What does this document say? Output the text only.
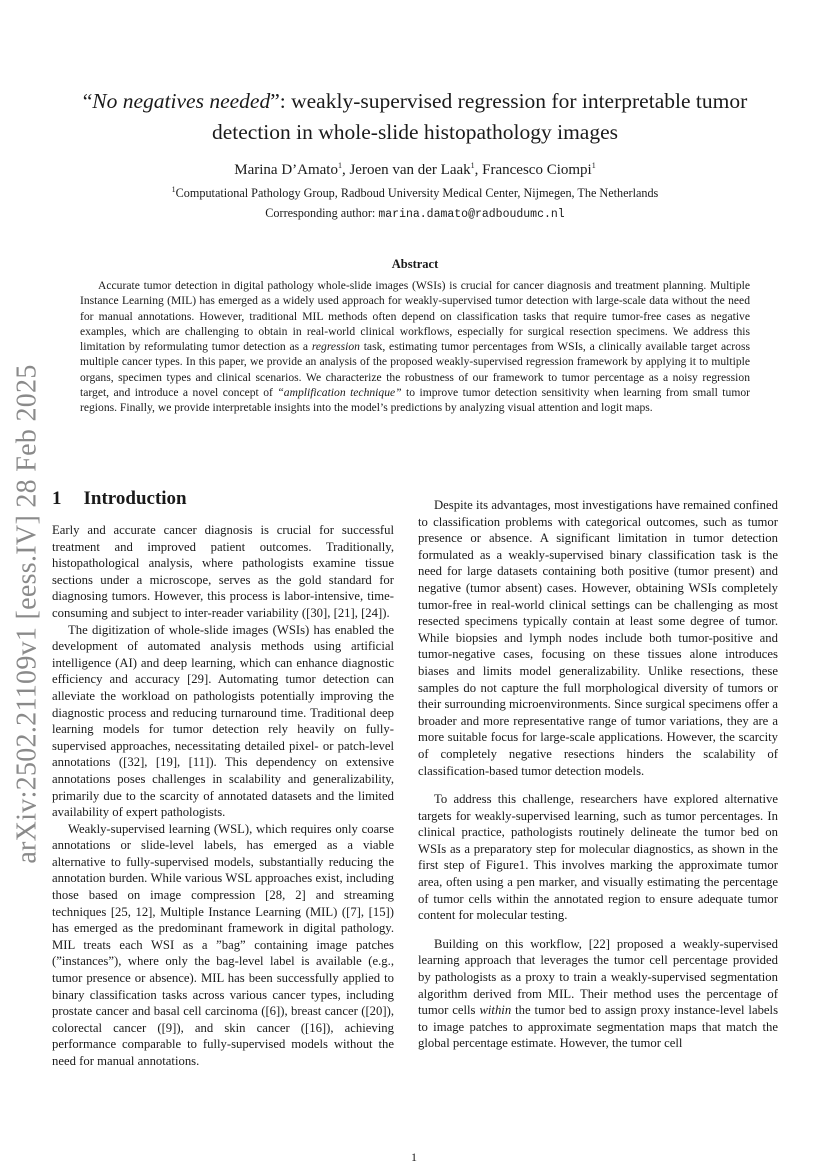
arXiv:2502.21109v1 [eess.IV] 28 Feb 2025
“No negatives needed”: weakly-supervised regression for interpretable tumor detection in whole-slide histopathology images
Marina D’Amato$^1$, Jeroen van der Laak$^1$, Francesco Ciompi$^1$
$^1$Computational Pathology Group, Radboud University Medical Center, Nijmegen, The Netherlands
Corresponding author: marina.damato@radboudumc.nl
Abstract

Accurate tumor detection in digital pathology whole-slide images (WSIs) is crucial for cancer diagnosis and treatment planning. Multiple Instance Learning (MIL) has emerged as a widely used approach for weakly-supervised tumor detection with large-scale data without the need for manual annotations. However, traditional MIL methods often depend on classification tasks that require tumor-free cases as negative examples, which are challenging to obtain in real-world clinical workflows, especially for surgical resection specimens. We address this limitation by reformulating tumor detection as a regression task, estimating tumor percentages from WSIs, a clinically available target across multiple cancer types. In this paper, we provide an analysis of the proposed weakly-supervised regression framework by applying it to multiple organs, specimen types and clinical scenarios. We characterize the robustness of our framework to tumor percentage as a noisy regression target, and introduce a novel concept of “amplification technique” to improve tumor detection sensitivity when learning from small tumor regions. Finally, we provide interpretable insights into the model’s predictions by analyzing visual attention and logit maps.

1 Introduction

Early and accurate cancer diagnosis is crucial for successful treatment and improved patient outcomes. Traditionally, histopathological analysis, where pathologists examine tissue sections under a microscope, serves as the gold standard for diagnosing tumors. However, this process is labor-intensive, time-consuming and subject to inter-reader variability ([30], [21], [24]).

The digitization of whole-slide images (WSIs) has enabled the development of automated analysis methods using artificial intelligence (AI) and deep learning, which can enhance diagnostic efficiency and accuracy [29]. Automating tumor detection can alleviate the workload on pathologists potentially improving the diagnostic process and reducing turnaround time. Traditional deep learning models for tumor detection rely heavily on fully-supervised approaches, necessitating detailed pixel- or patch-level annotations ([32], [19], [11]). This dependency on extensive annotations poses challenges in scalability and generalizability, primarily due to the scarcity of annotated datasets and the limited availability of expert pathologists.

Weakly-supervised learning (WSL), which requires only coarse annotations or slide-level labels, has emerged as a viable alternative to fully-supervised models, substantially reducing the annotation burden. While various WSL approaches exist, including those based on image compression [28, 2] and streaming techniques [25, 12], Multiple Instance Learning (MIL) ([7], [15]) has emerged as the predominant framework in digital pathology. MIL treats each WSI as a ”bag” containing image patches (”instances”), where only the bag-level label is available (e.g., tumor presence or absence). MIL has been successfully applied to binary classification tasks across various cancer types, including prostate cancer and basal cell carcinoma ([6]), breast cancer ([20]), colorectal cancer ([9]), and skin cancer ([16]), achieving performance comparable to fully-supervised models without the need for manual annotations.

Despite its advantages, most investigations have remained confined to classification problems with categorical outcomes, such as tumor presence or absence. A significant limitation in tumor detection formulated as a weakly-supervised binary classification task is the need for large datasets containing both positive (tumor present) and negative (tumor absent) cases. However, obtaining WSIs completely tumor-free in real-world clinical settings can be challenging as most resected specimens typically contain at least some degree of tumor. While biopsies and lymph nodes include both tumor-positive and tumor-negative cases, focusing on these tissues alone introduces biases and limits model generalizability. Unlike resections, these samples do not capture the full morphological diversity of tumors or their surrounding microenvironments. Since surgical specimens offer a broader and more representative range of tumor variations, they are a more suitable focus for large-scale applications. However, the scarcity of completely negative resections hinders the scalability of classification-based tumor detection models.

To address this challenge, researchers have explored alternative targets for weakly-supervised learning, such as tumor percentages. In clinical practice, pathologists routinely delineate the tumor bed on WSIs as a preparatory step for molecular diagnostics, as shown in the first step of Figure1. This involves marking the approximate tumor area, often using a pen marker, and visually estimating the percentage of tumor cells within the annotated region to ensure adequate tumor content for molecular testing.

Building on this workflow, [22] proposed a weakly-supervised learning approach that leverages the tumor cell percentage provided by pathologists as a proxy to train a weakly-supervised segmentation algorithm derived from MIL. Their method uses the percentage of tumor cells within the tumor bed to assign proxy instance-level labels to image patches to approximate segmentation maps that match the global percentage estimate. However, the tumor cell

1
